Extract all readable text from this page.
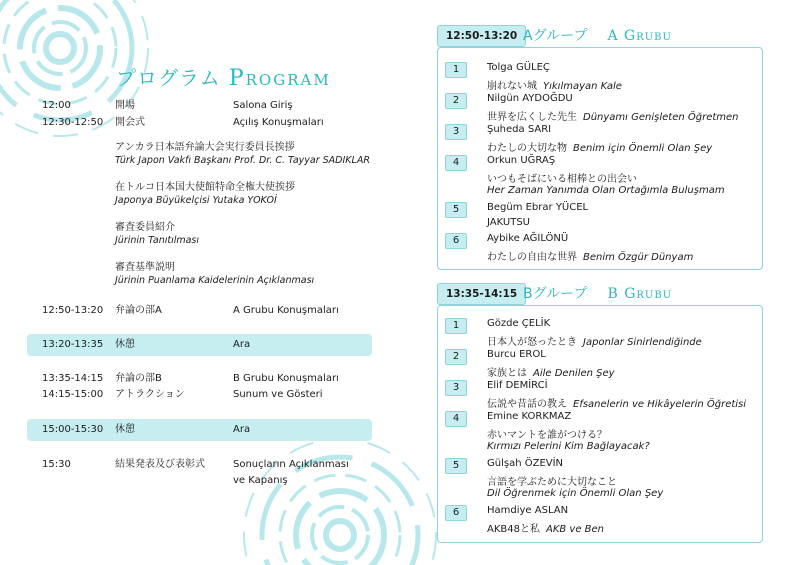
プログラム Program
12:00	開場	Salona Giriş
12:30-12:50	開会式	Açılış Konuşmaları
アンカラ日本語弁論大会実行委員長挨拶
Türk Japon Vakfı Başkanı Prof. Dr. C. Tayyar SADIKLAR
在トルコ日本国大使館特命全権大使挨拶
Japonya Büyükelçisi Yutaka YOKOİ
審査委員紹介
Jürinin Tanıtılması
審査基準説明
Jürinin Puanlama Kaidelerinin Açıklanması
12:50-13:20	弁論の部A	A Grubu Konuşmaları
13:20-13:35	休憩	Ara
13:35-14:15	弁論の部B	B Grubu Konuşmaları
14:15-15:00	アトラクション	Sunum ve Gösteri
15:00-15:30	休憩	Ara
15:30	結果発表及び表彰式	Sonuçların Açıklanması ve Kapanış
12:50-13:20 Aグループ A Grubu
1	Tolga GÜLEÇ
崩れない城 Yıkılmayan Kale
2	Nilgün AYDOĞDU
世界を広くした先生 Dünyamı Genişleten Öğretmen
3	Şuheda SARI
わたしの大切な物 Benim için Önemli Olan Şey
4	Orkun UĞRAŞ
いつもそばにいる相棒との出会い
Her Zaman Yanımda Olan Ortağımla Buluşmam
5	Begüm Ebrar YÜCEL
JAKUTSU
6	Aybike AĞILÖNÜ
わたしの自由な世界 Benim Özgür Dünyam
13:35-14:15 Bグループ B Grubu
1	Gözde ÇELİK
日本人が怒ったとき Japonlar Sinirlendiğinde
2	Burcu EROL
家族とは Aile Denilen Şey
3	Elif DEMİRCİ
伝説や昔話の教え Efsanelerin ve Hikâyelerin Öğretisi
4	Emine KORKMAZ
赤いマントを誰がつける？
Kırmızı Pelerini Kim Bağlayacak?
5	Gülşah ÖZEVİN
言語を学ぶために大切なこと
Dil Öğrenmek için Önemli Olan Şey
6	Hamdiye ASLAN
AKB48と私 AKB ve Ben
